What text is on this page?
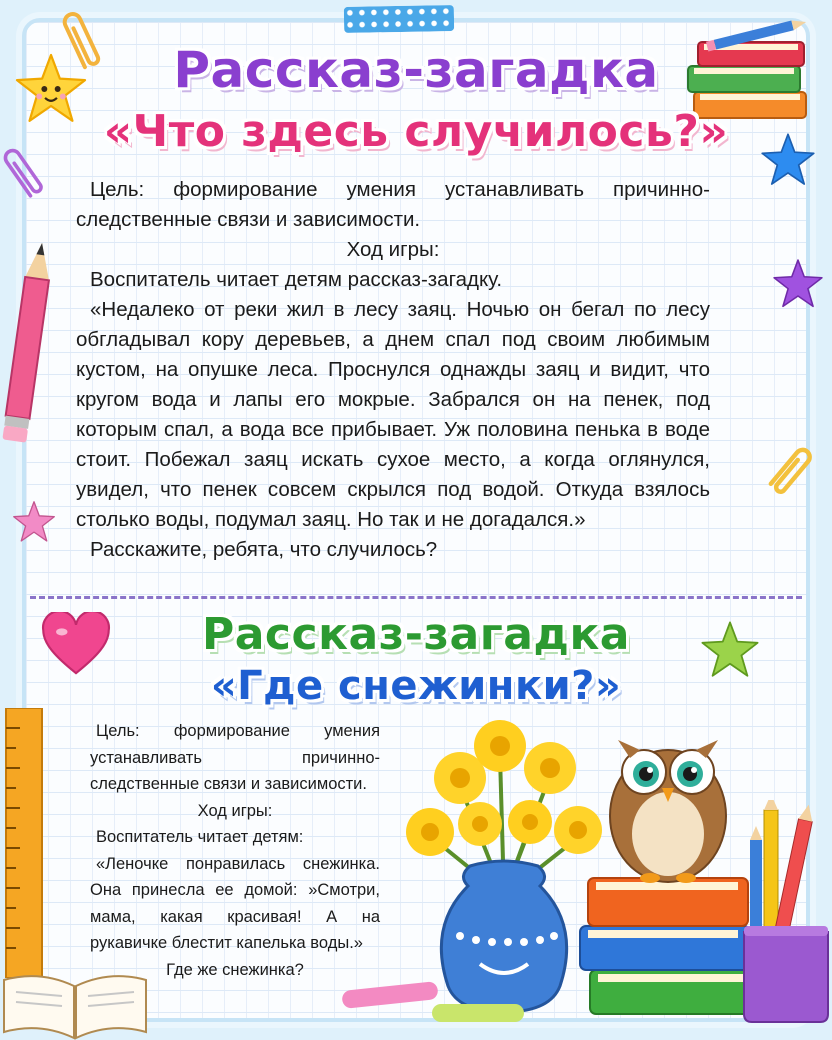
Рассказ-загадка
«Что здесь случилось?»

Цель: формирование умения устанавливать причинно-следственные связи и зависимости.

Ход игры:

Воспитатель читает детям рассказ-загадку.

«Недалеко от реки жил в лесу заяц. Ночью он бегал по лесу обгладывал кору деревьев, а днем спал под своим любимым кустом, на опушке леса. Проснулся однажды заяц и видит, что кругом вода и лапы его мокрые. Забрался он на пенек, под которым спал, а вода все прибывает. Уж половина пенька в воде стоит. Побежал заяц искать сухое место, а когда оглянулся, увидел, что пенек совсем скрылся под водой. Откуда взялось столько воды, подумал заяц. Но так и не догадался.»

Расскажите, ребята, что случилось?

Рассказ-загадка
«Где снежинки?»

Цель: формирование умения устанавливать причинно-следственные связи и зависимости.

Ход игры:

Воспитатель читает детям:

«Леночке понравилась снежинка. Она принесла ее домой: »Смотри, мама, какая красивая! А на рукавичке блестит капелька воды.»

Где же снежинка?
